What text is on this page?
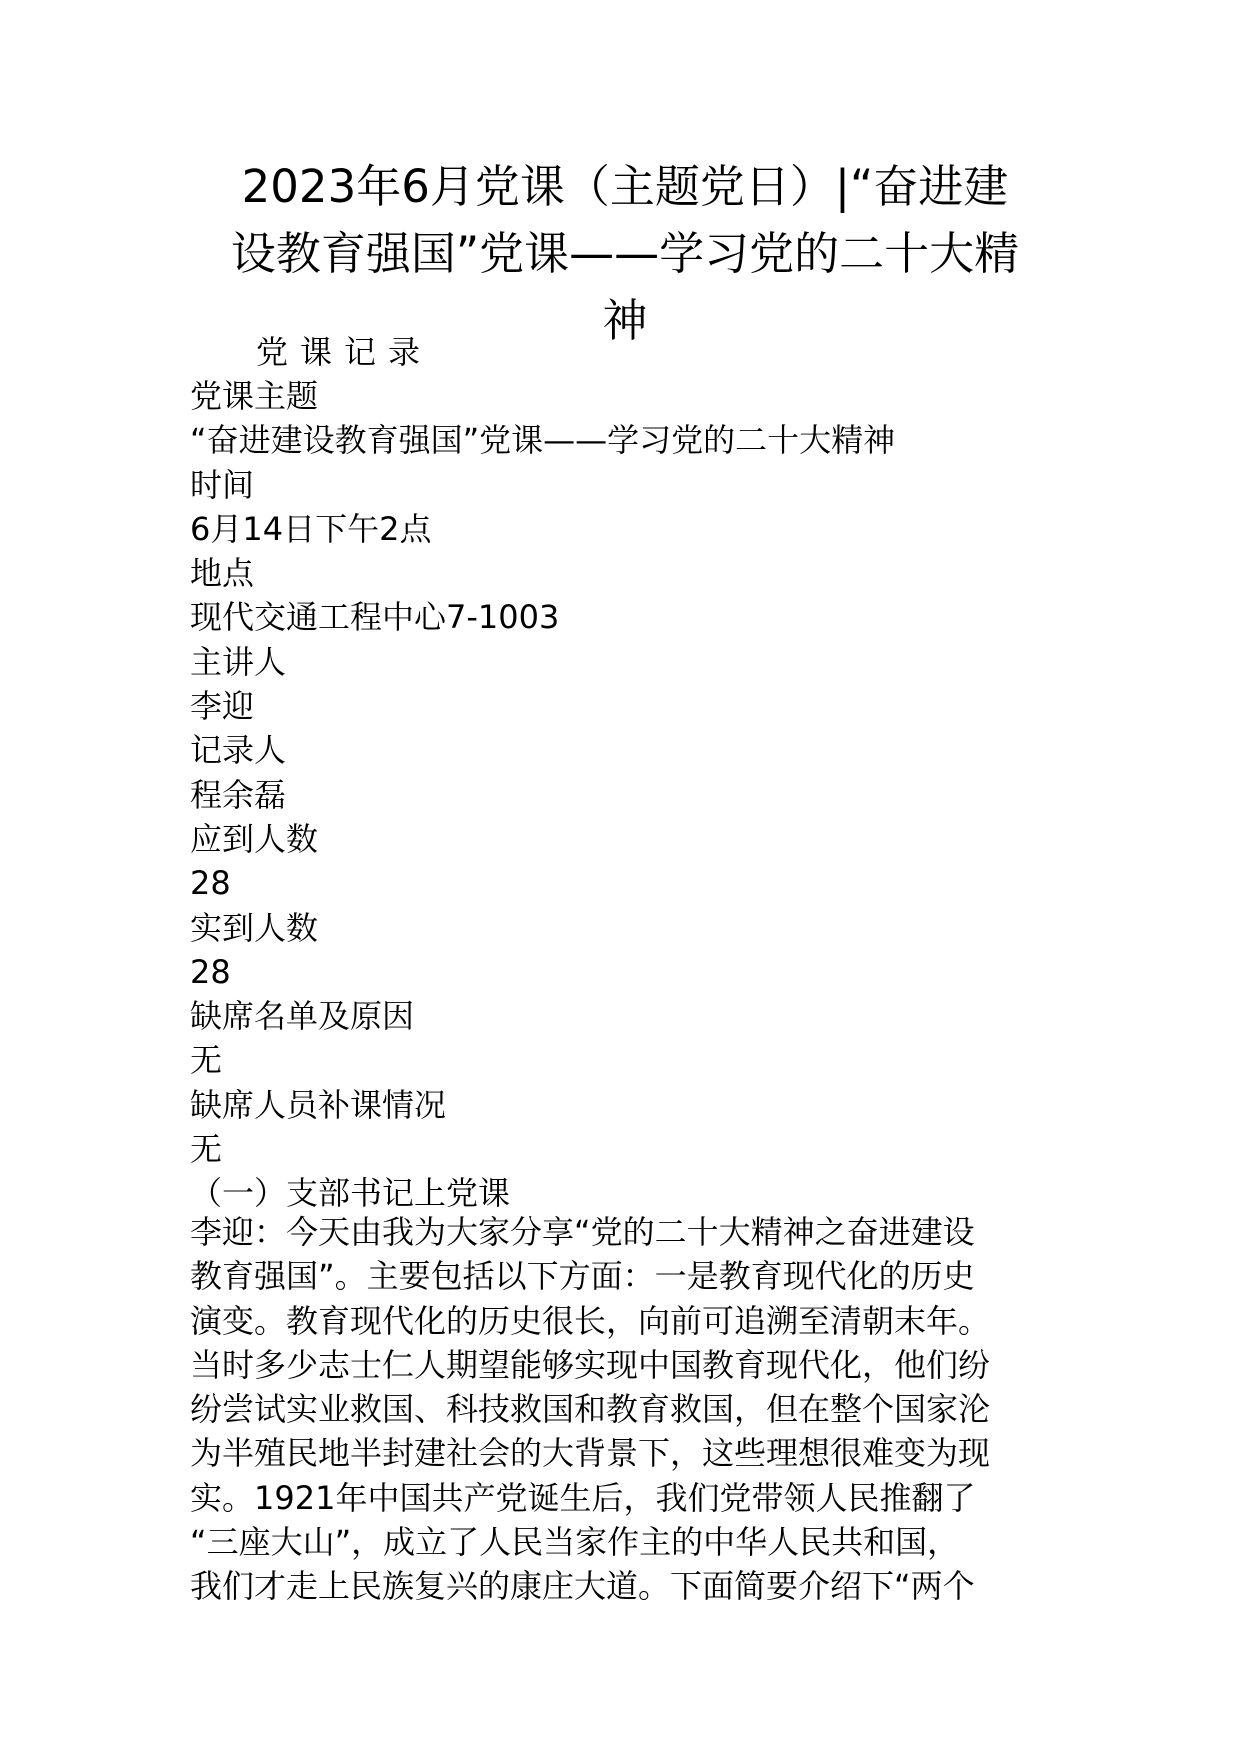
2023年6月党课（主题党日）|“奋进建
设教育强国”党课——学习党的二十大精
神
党课记录
党课主题
“奋进建设教育强国”党课——学习党的二十大精神
时间
6月14日下午2点
地点
现代交通工程中心7-1003
主讲人
李迎
记录人
程余磊
应到人数
28
实到人数
28
缺席名单及原因
无
缺席人员补课情况
无
（一）支部书记上党课
李迎：今天由我为大家分享“党的二十大精神之奋进建设
教育强国”。主要包括以下方面：一是教育现代化的历史
演变。教育现代化的历史很长，向前可追溯至清朝末年。
当时多少志士仁人期望能够实现中国教育现代化，他们纷
纷尝试实业救国、科技救国和教育救国，但在整个国家沦
为半殖民地半封建社会的大背景下，这些理想很难变为现
实。1921年中国共产党诞生后，我们党带领人民推翻了
“三座大山”，成立了人民当家作主的中华人民共和国，
我们才走上民族复兴的康庄大道。下面简要介绍下“两个
